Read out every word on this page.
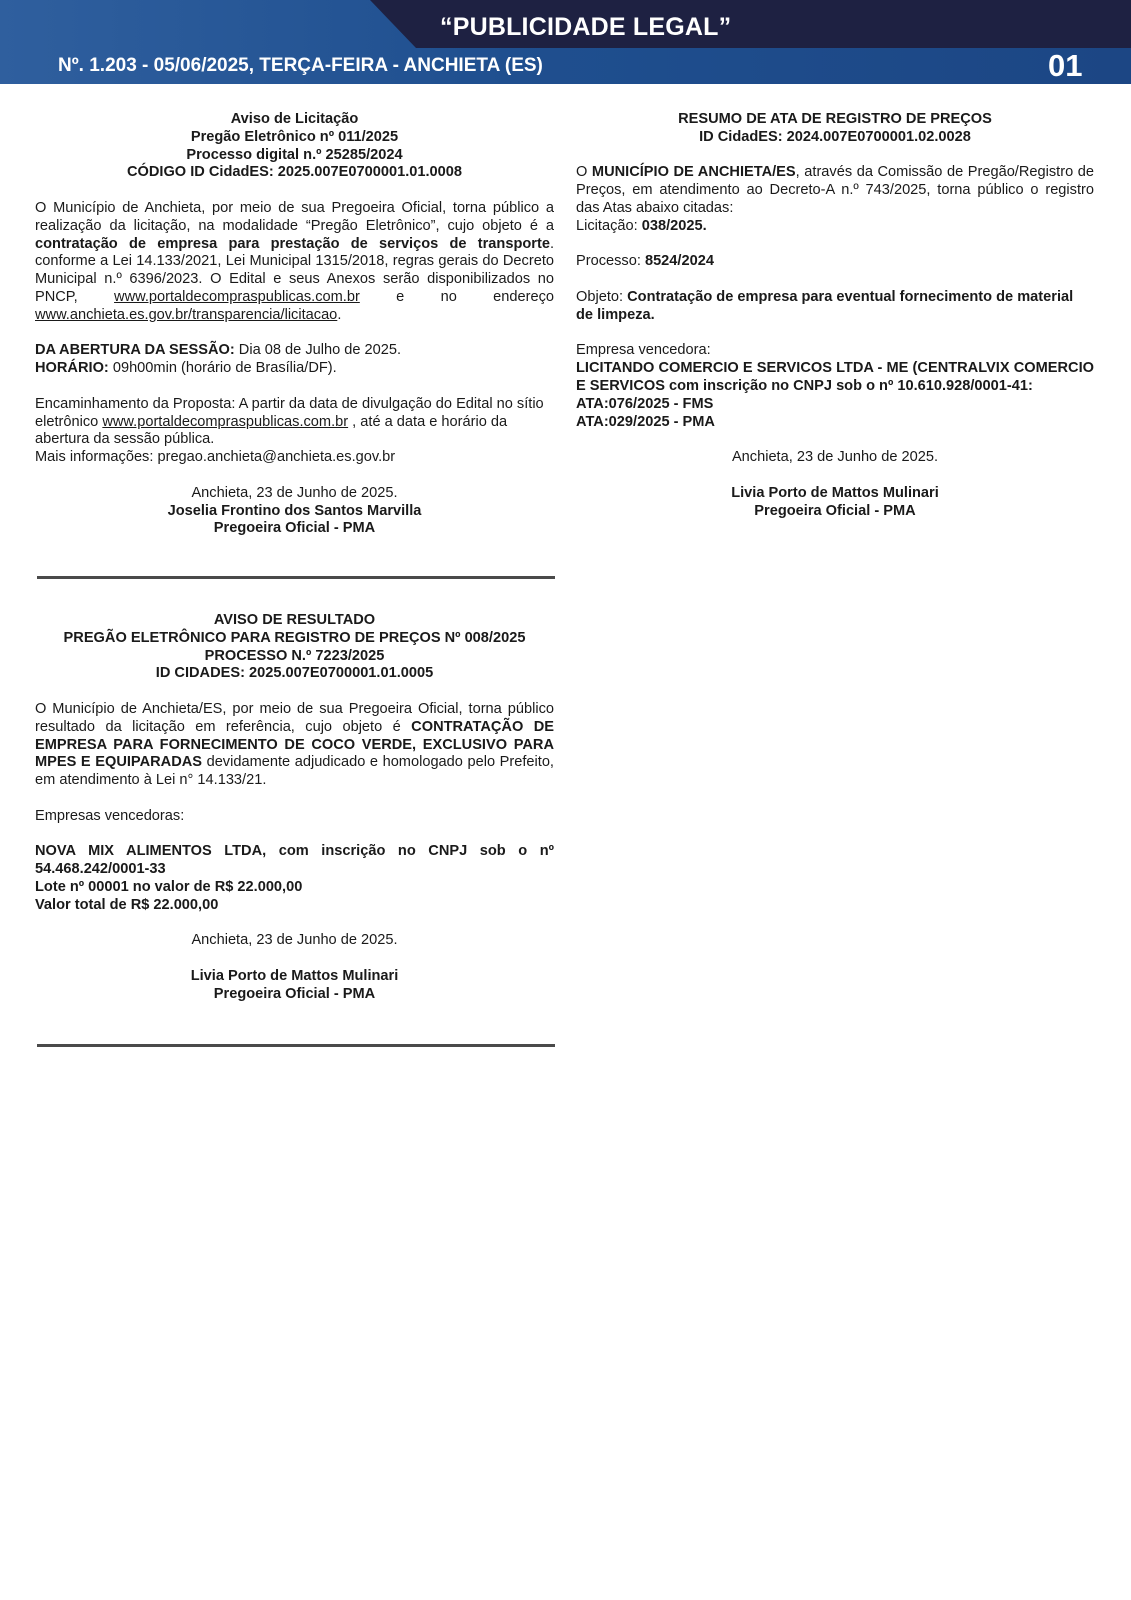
“PUBLICIDADE LEGAL”
Nº. 1.203 - 05/06/2025, TERÇA-FEIRA - ANCHIETA (ES)	01

Aviso de Licitação

Pregão Eletrônico nº 011/2025

Processo digital n.º 25285/2024

CÓDIGO ID CidadES: 2025.007E0700001.01.0008

O Município de Anchieta, por meio de sua Pregoeira Oficial, torna público a realização da licitação, na modalidade “Pregão Eletrônico”, cujo objeto é a contratação de empresa para prestação de serviços de transporte. conforme a Lei 14.133/2021, Lei Municipal 1315/2018, regras gerais do Decreto Municipal n.º 6396/2023. O Edital e seus Anexos serão disponibilizados no PNCP, www.portaldecompraspublicas.com.br e no endereço www.anchieta.es.gov.br/transparencia/licitacao.

DA ABERTURA DA SESSÃO: Dia 08 de Julho de 2025.

HORÁRIO: 09h00min (horário de Brasília/DF).

Encaminhamento da Proposta: A partir da data de divulgação do Edital no sítio eletrônico www.portaldecompraspublicas.com.br , até a data e horário da abertura da sessão pública.

Mais informações: pregao.anchieta@anchieta.es.gov.br

Anchieta, 23 de Junho de 2025.

Joselia Frontino dos Santos Marvilla

Pregoeira Oficial - PMA

RESUMO DE ATA DE REGISTRO DE PREÇOS

ID CidadES: 2024.007E0700001.02.0028

O MUNICÍPIO DE ANCHIETA/ES, através da Comissão de Pregão/Registro de Preços, em atendimento ao Decreto-A n.º 743/2025, torna público o registro das Atas abaixo citadas:

Licitação: 038/2025.

Processo: 8524/2024

Objeto: Contratação de empresa para eventual fornecimento de material de limpeza.

Empresa vencedora:

LICITANDO COMERCIO E SERVICOS LTDA - ME (CENTRALVIX COMERCIO E SERVICOS com inscrição no CNPJ sob o nº 10.610.928/0001-41:

ATA:076/2025 - FMS

ATA:029/2025 - PMA

Anchieta, 23 de Junho de 2025.

Livia Porto de Mattos Mulinari

Pregoeira Oficial - PMA

AVISO DE RESULTADO

PREGÃO ELETRÔNICO PARA REGISTRO DE PREÇOS Nº 008/2025

PROCESSO N.º 7223/2025

ID CIDADES: 2025.007E0700001.01.0005

O Município de Anchieta/ES, por meio de sua Pregoeira Oficial, torna público resultado da licitação em referência, cujo objeto é CONTRATAÇÃO DE EMPRESA PARA FORNECIMENTO DE COCO VERDE, EXCLUSIVO PARA MPES E EQUIPARADAS devidamente adjudicado e homologado pelo Prefeito, em atendimento à Lei n° 14.133/21.

Empresas vencedoras:

NOVA MIX ALIMENTOS LTDA, com inscrição no CNPJ sob o nº 54.468.242/0001-33

Lote nº 00001 no valor de R$ 22.000,00

Valor total de R$ 22.000,00

Anchieta, 23 de Junho de 2025.

Livia Porto de Mattos Mulinari

Pregoeira Oficial - PMA
